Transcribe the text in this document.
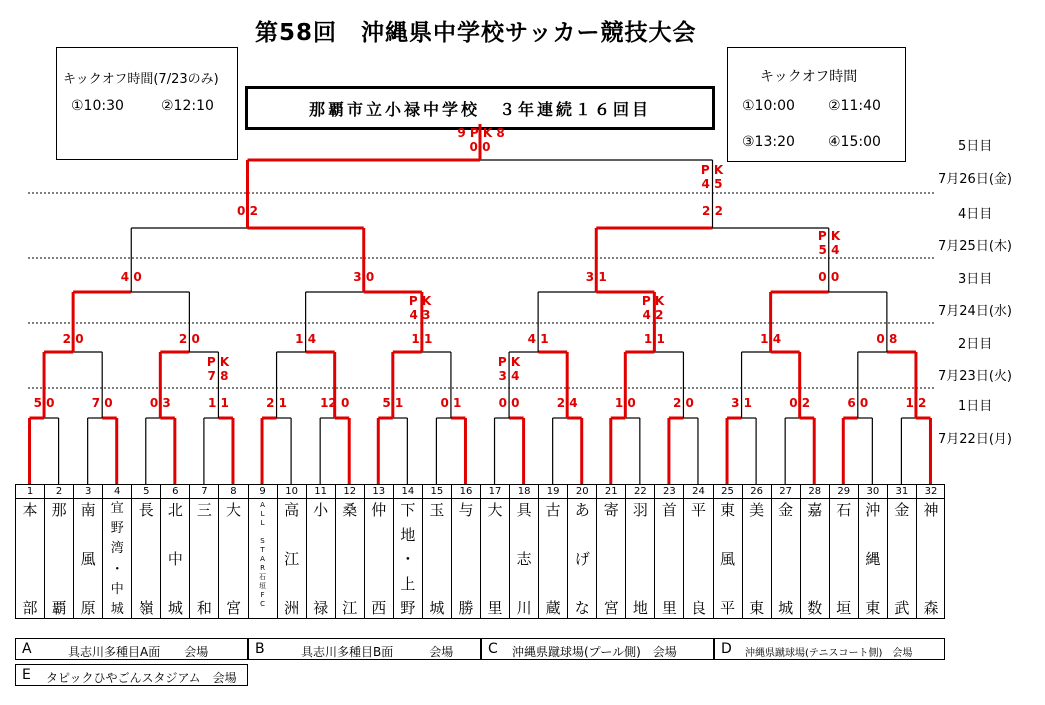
第58回　沖縄県中学校サッカー競技大会
キックオフ時間(7/23のみ)
①10:30	②12:10
キックオフ時間
①10:00 ②11:40
③13:20 ④15:00
那覇市立小禄中学校　３年連続１６回目
5日目
7月26日(金)
4日目
7月25日(木)
3日目
7月24日(水)
2日目
7月23日(火)
1日目
7月22日(月)
5 0	7 0	0 3	1 1	2 1	12 0	5 1	0 1	0 0	2 4	1 0	2 0	3 1	0 2	6 0	1 2
2 0	2 0	1 4	1 1	4 1	1 1	1 4	0 8
4 0	3 0	3 1	0 0
0 2	2 2
0 0
9 P K 8
P K
4 5
P K
5 4
P K
4 3
P K
4 2
P K
7 8
P K
3 4
1
本
部
2
那
覇
3
南
風
原
4
宜
野
湾
・
中
城
5
長
嶺
6
北
中
城
7
三
和
8
大
宮
9
A
L
L

S
T
A
R
石
垣
F
C
10
高
江
洲
11
小
禄
12
桑
江
13
仲
西
14
下
地
・
上
野
15
玉
城
16
与
勝
17
大
里
18
具
志
川
19
古
蔵
20
あ
げ
な
21
寄
宮
22
羽
地
23
首
里
24
平
良
25
東
風
平
26
美
東
27
金
城
28
嘉
数
29
石
垣
30
沖
縄
東
31
金
武
32
神
森
A	具志川多種目A面　　会場	B	具志川多種目B面　　　会場 C 沖縄県蹴球場(プール側)　会場	D 沖縄県蹴球場(テニスコート側)　会場
E タピックひやごんスタジアム　会場
